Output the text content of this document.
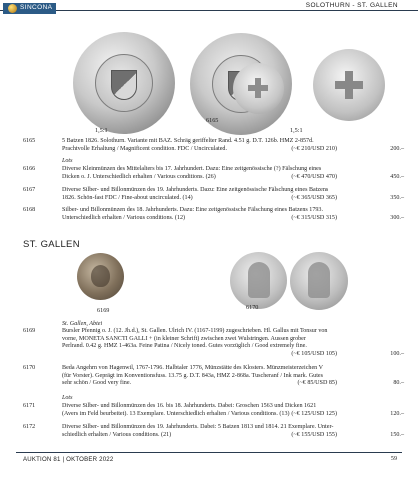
SINCONA	SOLOTHURN - ST. GALLEN
1,5:1
6165
1,5:1
6165	5 Batzen 1826. Solothurn. Variante mit BAZ. Schräg geriffelter Rand. 4.51 g. D.T. 126b. HMZ 2-857d.
Prachtvolle Erhaltung / Magnificent condition. FDC / Uncirculated.	(~€ 210/USD 210)	200.–
Lots
6166	Diverse Kleinmünzen des Mittelalters bis 17. Jahrhundert. Dazu: Eine zeitgenössische (?) Fälschung eines
Dicken o. J. Unterschiedlich erhalten / Various conditions. (26)	(~€ 470/USD 470)	450.–
6167	Diverse Silber- und Billonmünzen des 19. Jahrhunderts. Dazu: Eine zeitgenössische Fälschung eines Batzens
1826. Schön-fast FDC / Fine-about uncirculated. (14)	(~€ 365/USD 365)	350.–
6168	Silber- und Billonmünzen des 18. Jahrhunderts. Dazu: Eine zeitgenössische Fälschung eines Batzens 1793.
Unterschiedlich erhalten / Various conditions. (12)	(~€ 315/USD 315)	300.–
ST. GALLEN
6169	6170
St. Gallen, Abtei
6169	Bursler Pfennig o. J. (12. Jh.d.), St. Gallen. Ulrich IV. (1167-1199) zugeschrieben. Hl. Gallus mit Tonsur von
vorne, MONETA SANCTI GALLI + (in kleiner Schrift) zwischen zwei Wulstringen. Aussen grober
Perlrand. 0.42 g. HMZ 1-463a. Feine Patina / Nicely toned. Gutes vorzüglich / Good extremely fine.
(~€ 105/USD 105)	100.–
6170	Beda Angehrn von Hagenwil, 1767-1796. Halbtaler 1776, Münzstätte des Klosters. Münzmeisterzeichen V
(für Vorster). Geprägt im Konventionsfuss. 13.75 g. D.T. 843a, HMZ 2-868a. Tuscheranf / Ink mark. Gutes
sehr schön / Good very fine.	(~€ 85/USD 85)	80.–
Lots
6171	Diverse Silber- und Billonmünzen des 16. bis 18. Jahrhunderts. Dabei: Groschen 1563 und Dicken 1621
(Avers im Feld beurbeitet). 13 Exemplare. Unterschiedlich erhalten / Various conditions. (13) (~€ 125/USD 125)	120.–
6172	Diverse Silber- und Billonmünzen des 19. Jahrhunderts. Dabei: 5 Batzen 1813 und 1814. 21 Exemplare. Unter-
schiedlich erhalten / Various conditions. (21)	(~€ 155/USD 155)	150.–
AUKTION 81 | OKTOBER 2022	59
